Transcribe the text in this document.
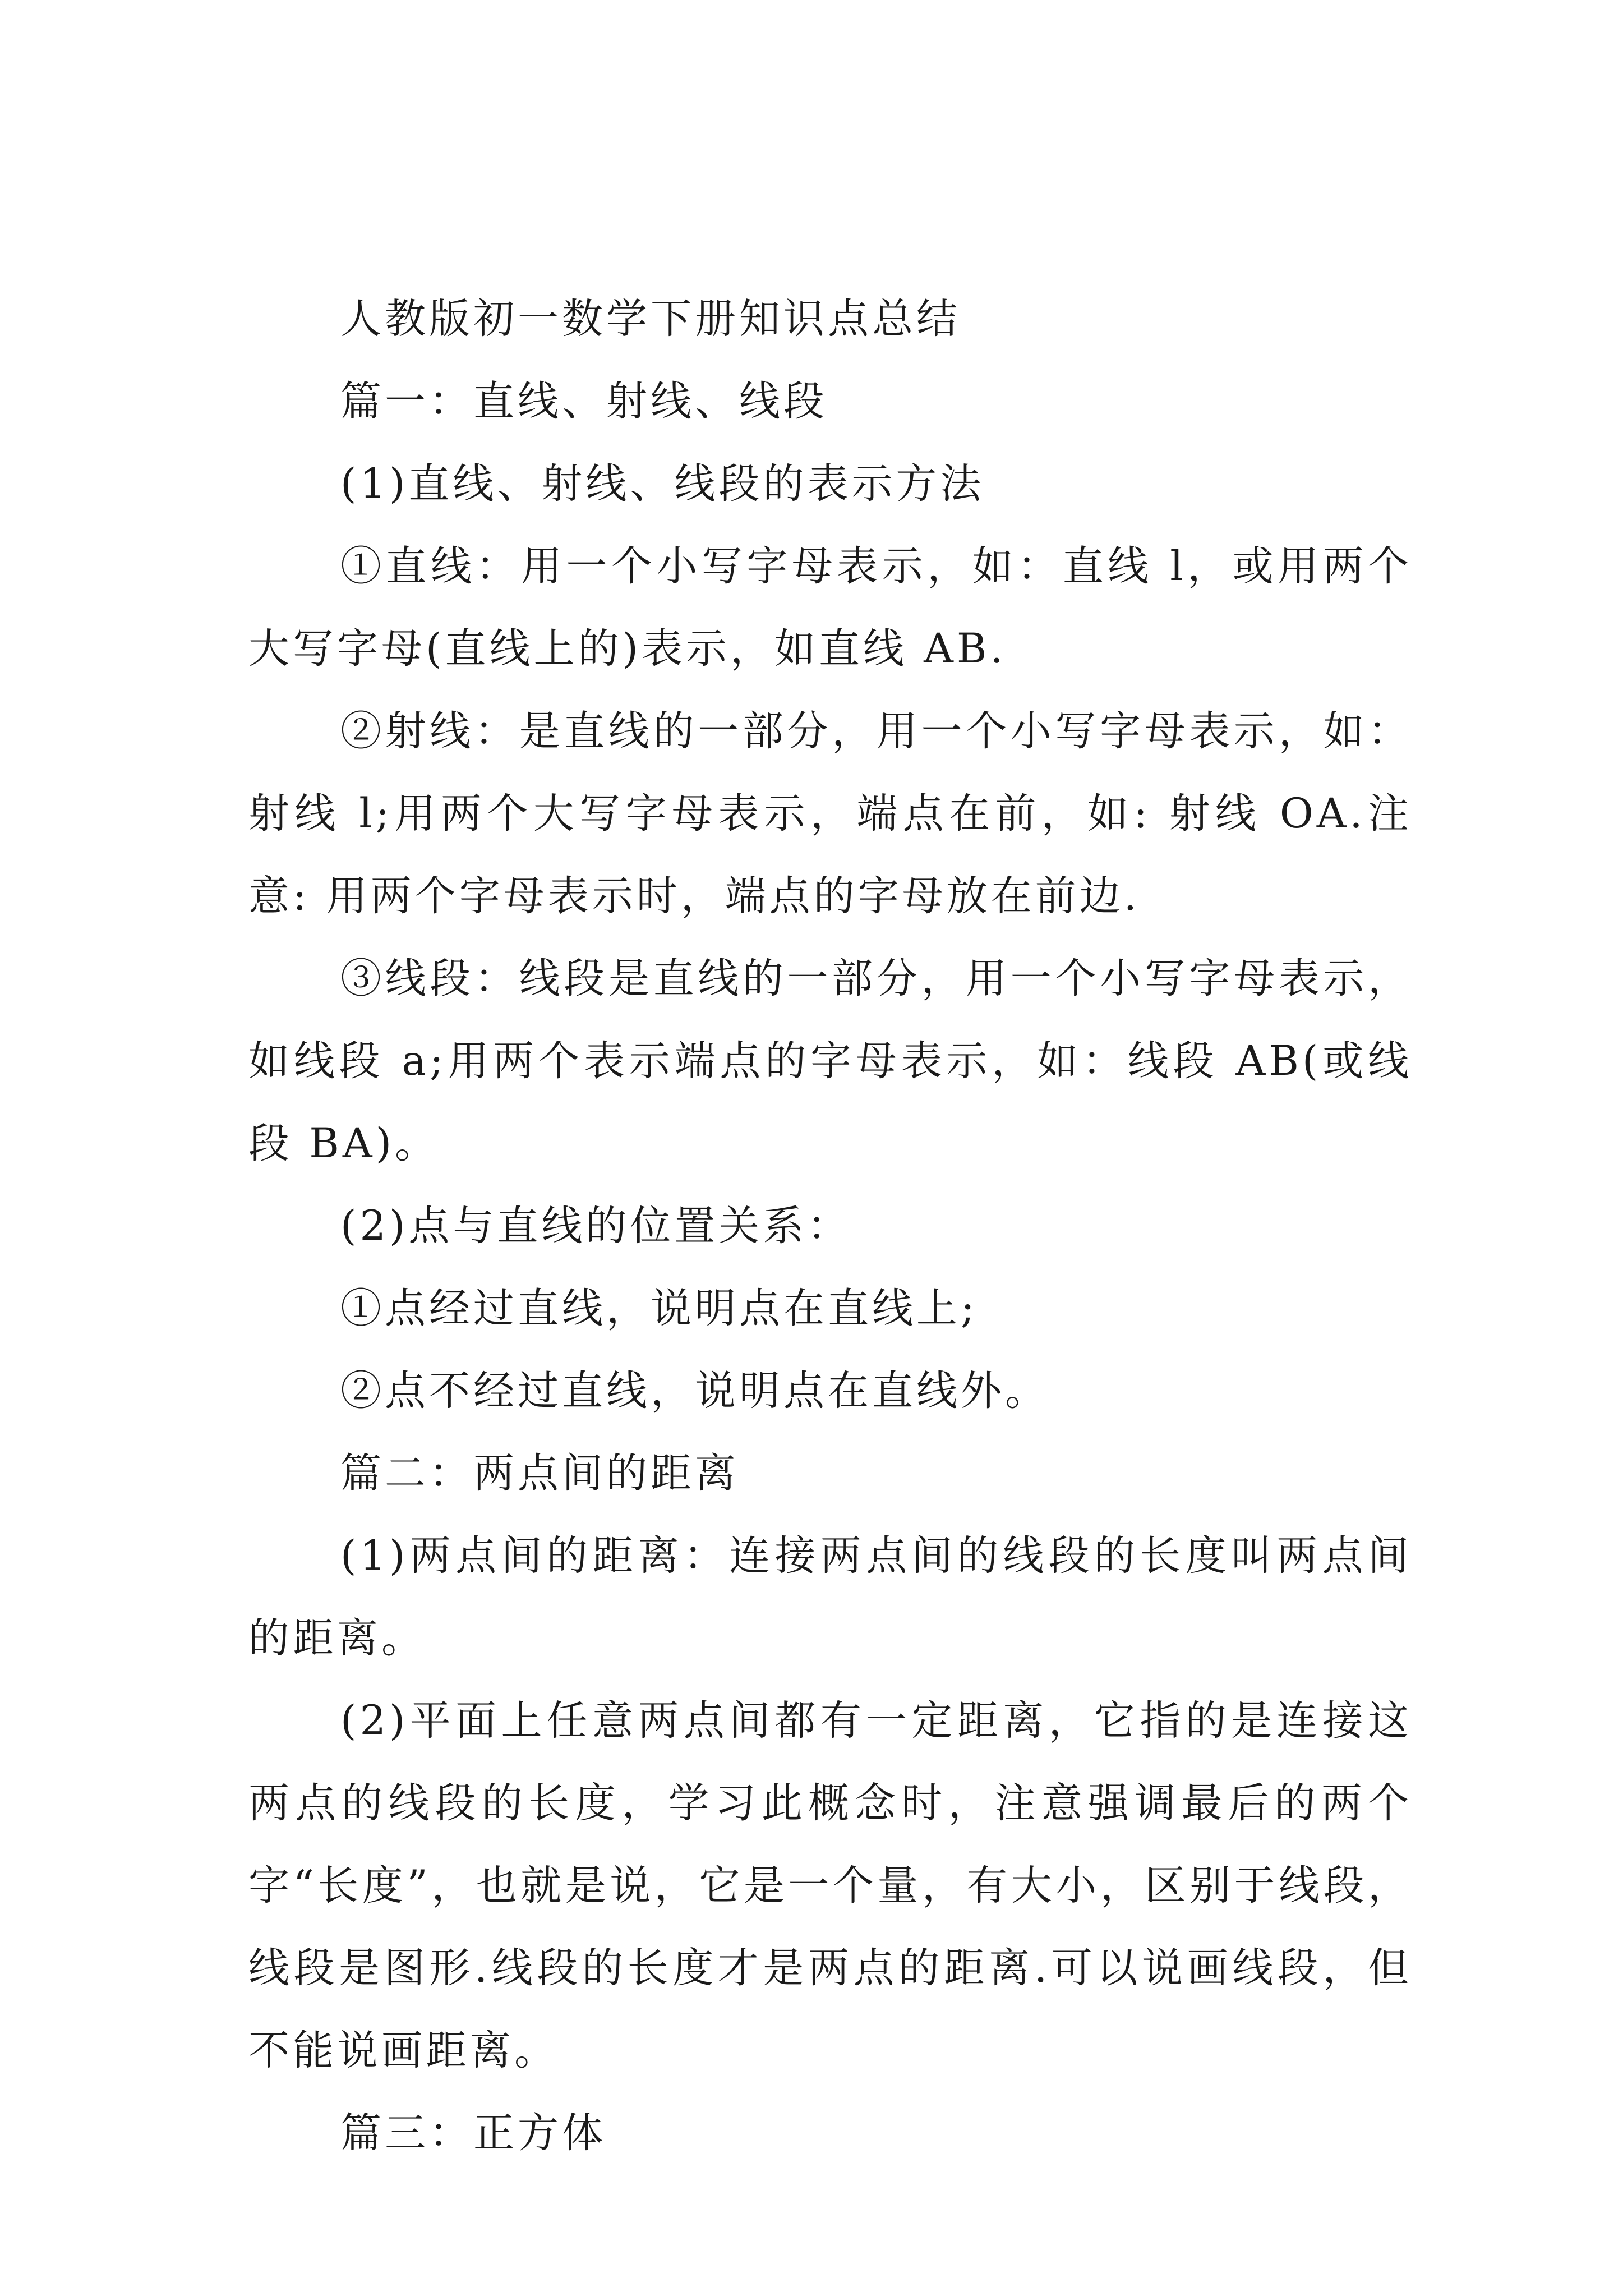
人教版初一数学下册知识点总结

篇一：直线、射线、线段

(1)直线、射线、线段的表示方法

①直线：用一个小写字母表示，如：直线 l，或用两个大写字母(直线上的)表示，如直线 AB.

②射线：是直线的一部分，用一个小写字母表示，如：射线 l;用两个大写字母表示，端点在前，如: 射线 OA.注意: 用两个字母表示时，端点的字母放在前边.

③线段：线段是直线的一部分，用一个小写字母表示，如线段 a;用两个表示端点的字母表示，如：线段 AB(或线段 BA)。

(2)点与直线的位置关系：

①点经过直线，说明点在直线上;

②点不经过直线，说明点在直线外。

篇二：两点间的距离

(1)两点间的距离：连接两点间的线段的长度叫两点间的距离。

(2)平面上任意两点间都有一定距离，它指的是连接这两点的线段的长度，学习此概念时，注意强调最后的两个字“长度”，也就是说，它是一个量，有大小，区别于线段，线段是图形.线段的长度才是两点的距离.可以说画线段，但不能说画距离。

篇三：正方体
